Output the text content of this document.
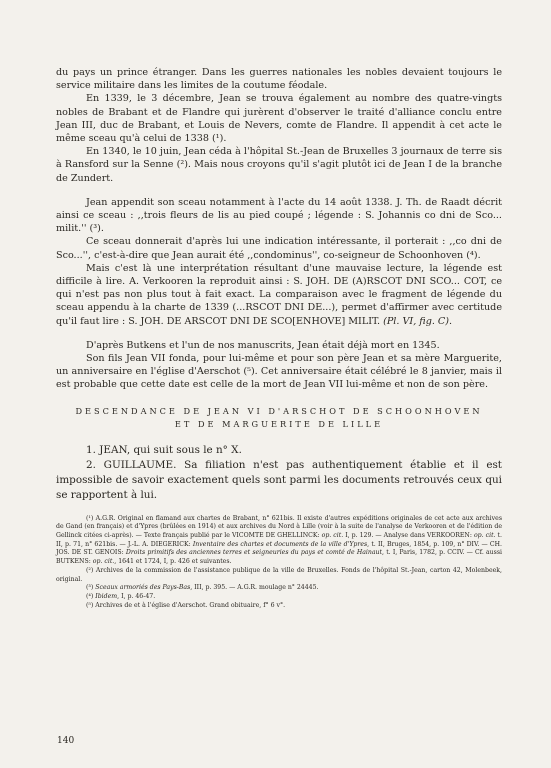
du pays un prince étranger. Dans les guerres nationales les nobles devaient toujours le service militaire dans les limites de la coutume féodale.

En 1339, le 3 décembre, Jean se trouva également au nombre des quatre-vingts nobles de Brabant et de Flandre qui jurèrent d'observer le traité d'alliance conclu entre Jean III, duc de Brabant, et Louis de Nevers, comte de Flandre. Il appendit à cet acte le même sceau qu'à celui de 1338 (¹).

En 1340, le 10 juin, Jean céda à l'hôpital St.-Jean de Bruxelles 3 journaux de terre sis à Ransford sur la Senne (²). Mais nous croyons qu'il s'agit plutôt ici de Jean I de la branche de Zundert.

Jean appendit son sceau notamment à l'acte du 14 août 1338. J. Th. de Raadt décrit ainsi ce sceau : ,,trois fleurs de lis au pied coupé ; légende : S. Johannis co dni de Sco... milit.'' (³).

Ce sceau donnerait d'après lui une indication intéressante, il porterait : ,,co dni de Sco...'', c'est-à-dire que Jean aurait été ,,condominus'', co-seigneur de Schoonhoven (⁴).

Mais c'est là une interprétation résultant d'une mauvaise lecture, la légende est difficile à lire. A. Verkooren la reproduit ainsi : S. JOH. DE (A)RSCOT DNI SCO... COT, ce qui n'est pas non plus tout à fait exact. La comparaison avec le fragment de légende du sceau appendu à la charte de 1339 (...RSCOT DNI DE...), permet d'affirmer avec certitude qu'il faut lire : S. JOH. DE ARSCOT DNI DE SCO[ENHOVE] MILIT. (Pl. VI, fig. C).

D'après Butkens et l'un de nos manuscrits, Jean était déjà mort en 1345.

Son fils Jean VII fonda, pour lui-même et pour son père Jean et sa mère Marguerite, un anniversaire en l'église d'Aerschot (⁵). Cet anniversaire était célébré le 8 janvier, mais il est probable que cette date est celle de la mort de Jean VII lui-même et non de son père.

DESCENDANCE DE JEAN VI D'ARSCHOT DE SCHOONHOVEN
ET DE MARGUERITE DE LILLE

1. JEAN, qui suit sous le n° X.

2. GUILLAUME. Sa filiation n'est pas authentiquement établie et il est impossible de savoir exactement quels sont parmi les documents retrouvés ceux qui se rapportent à lui.

(¹) A.G.R. Original en flamand aux chartes de Brabant, n° 621bis. Il existe d'autres expéditions originales de cet acte aux archives de Gand (en français) et d'Ypres (brûlées en 1914) et aux archives du Nord à Lille (voir à la suite de l'analyse de Verkooren et de l'édition de Gellinck citées ci-après). — Texte français publié par le VICOMTE DE GHELLINCK: op. cit. I, p. 129. — Analyse dans VERKOOREN: op. cit. t. II, p. 71, n° 621bis. — J.-L. A. DIEGERICK: Inventaire des chartes et documents de la ville d'Ypres, t. II, Bruges, 1854, p. 109, n° DIV. — CH. JOS. DE ST. GENOIS: Droits primitifs des anciennes terres et seigneuries du pays et comté de Hainaut, t. I, Paris, 1782, p. CCIV. — Cf. aussi BUTKENS: op. cit., 1641 et 1724, I, p. 426 et suivantes.

(²) Archives de la commission de l'assistance publique de la ville de Bruxelles. Fonds de l'hôpital St.-Jean, carton 42, Molenbeek, original.

(³) Sceaux armoriés des Pays-Bas, III, p. 395. — A.G.R. moulage n° 24445.

(⁴) Ibidem, I, p. 46-47.

(⁵) Archives de et à l'église d'Aerschot. Grand obituaire, f° 6 v°.

140
